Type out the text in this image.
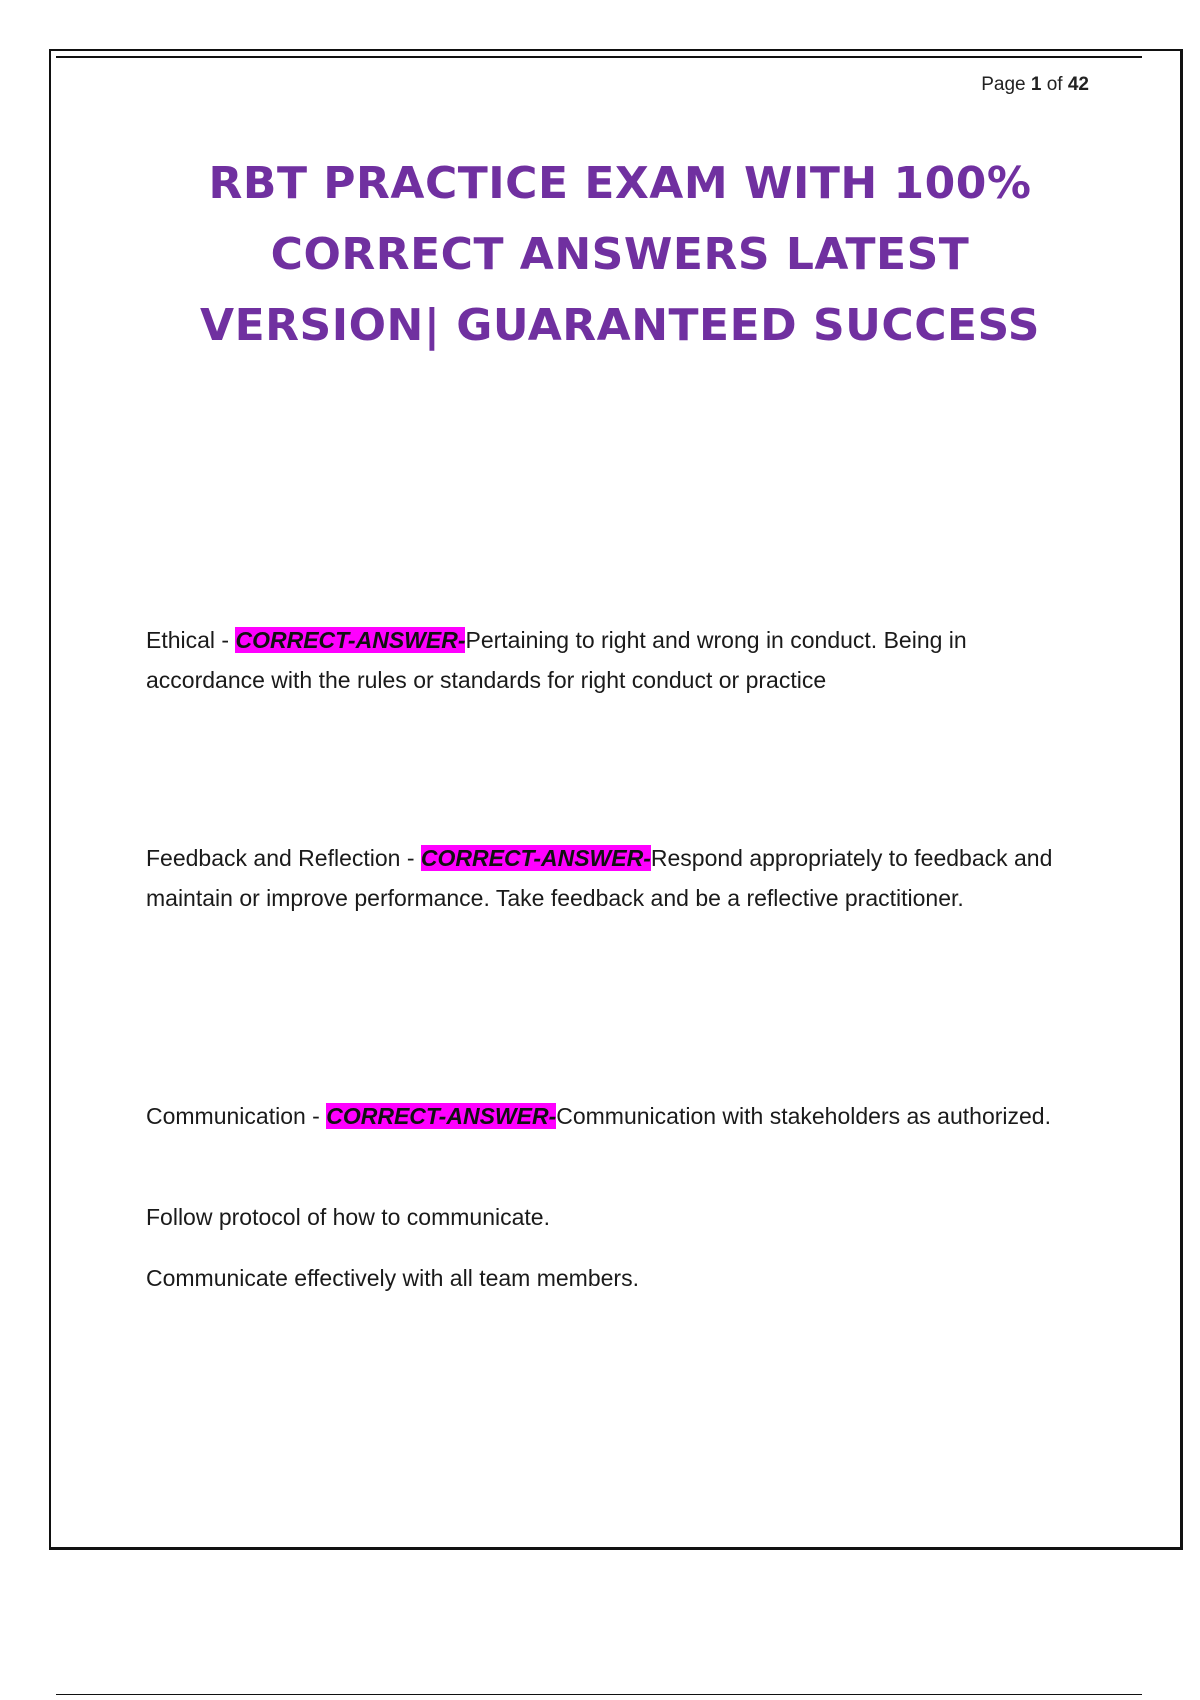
Page 1 of 42
RBT PRACTICE EXAM WITH 100%
CORRECT ANSWERS LATEST
VERSION| GUARANTEED SUCCESS

Ethical - CORRECT-ANSWER-Pertaining to right and wrong in conduct. Being in accordance with the rules or standards for right conduct or practice

Feedback and Reflection - CORRECT-ANSWER-Respond appropriately to feedback and maintain or improve performance. Take feedback and be a reflective practitioner.

Communication - CORRECT-ANSWER-Communication with stakeholders as authorized.

Follow protocol of how to communicate.

Communicate effectively with all team members.
